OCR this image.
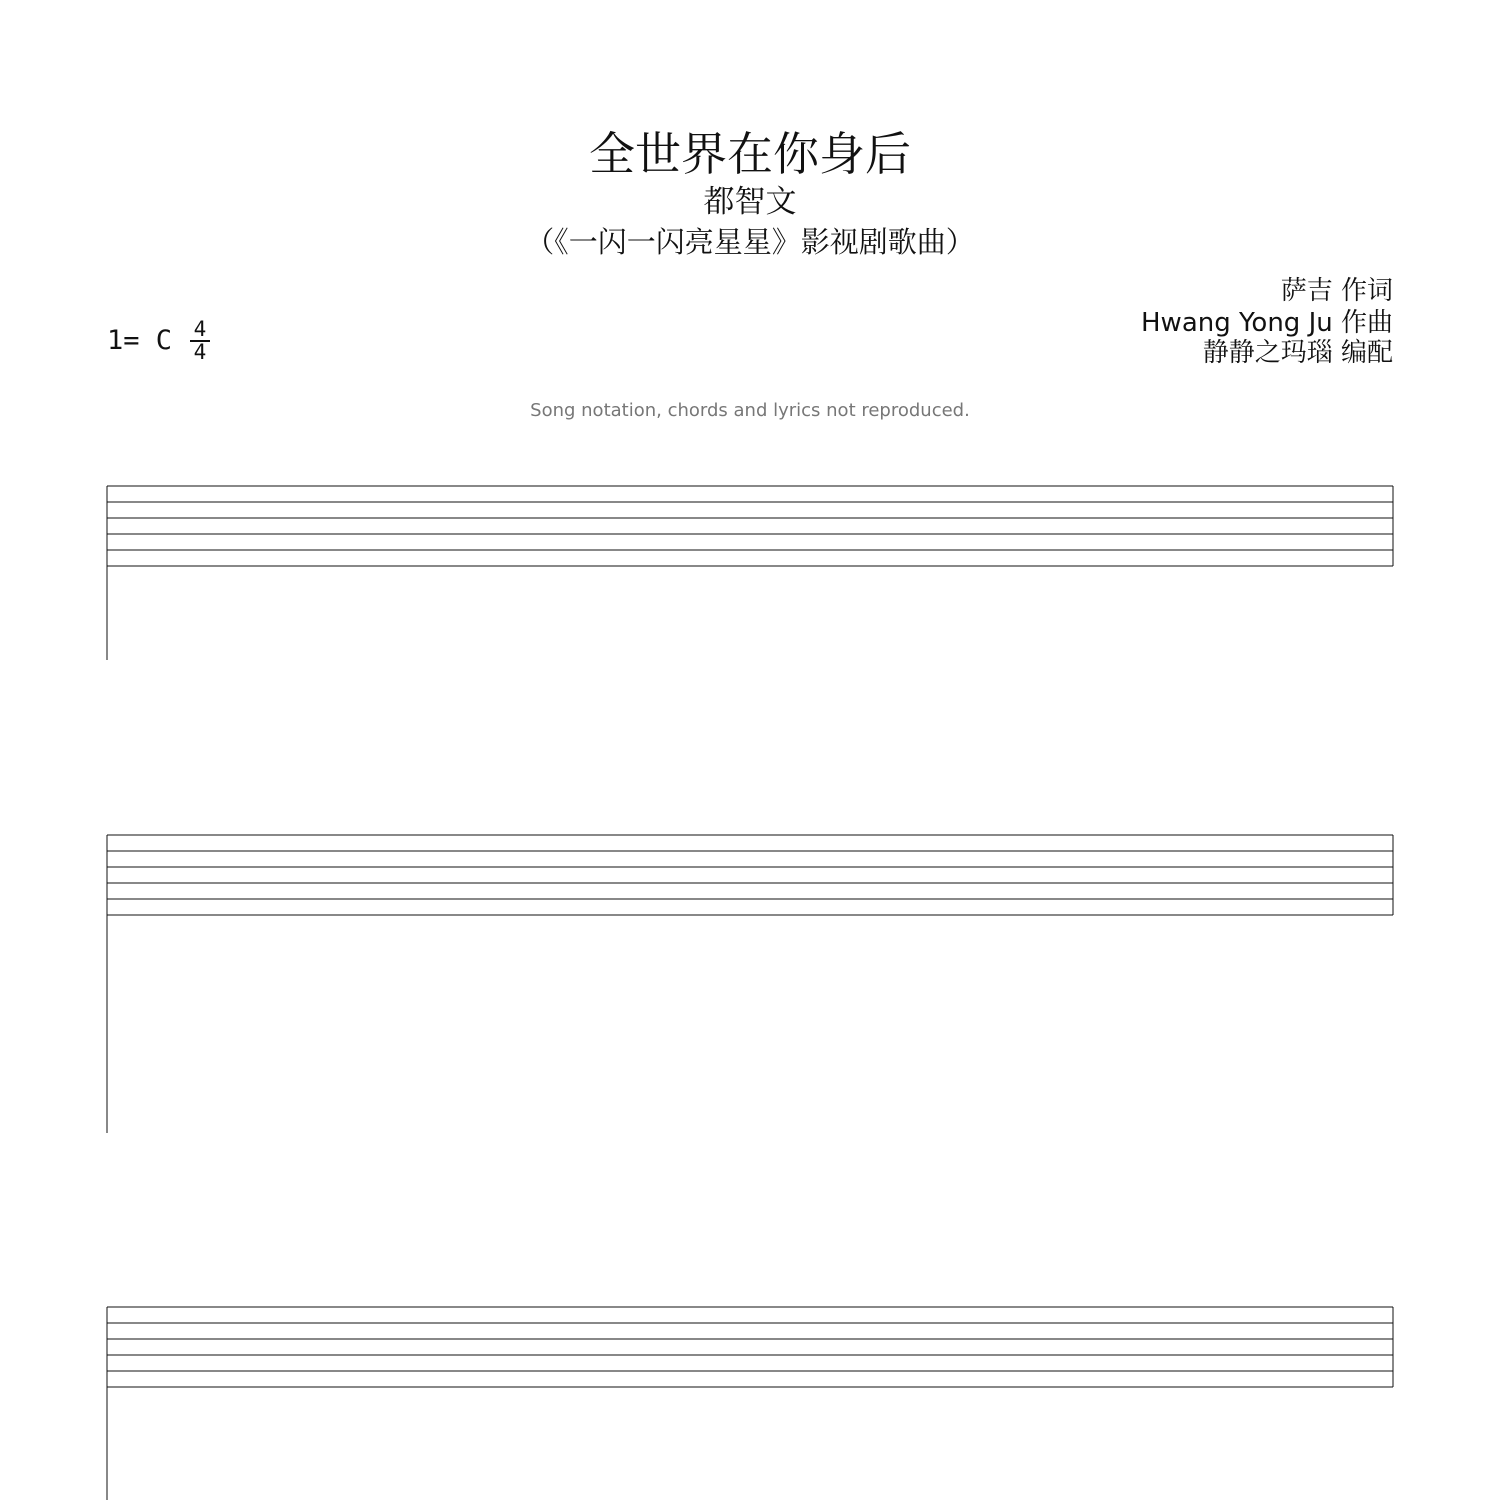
全世界在你身后
都智文
（《一闪一闪亮星星》影视剧歌曲）
萨吉 作词
Hwang Yong Ju 作曲
静静之玛瑙 编配
1= C 4
4
Song notation, chords and lyrics not reproduced.
